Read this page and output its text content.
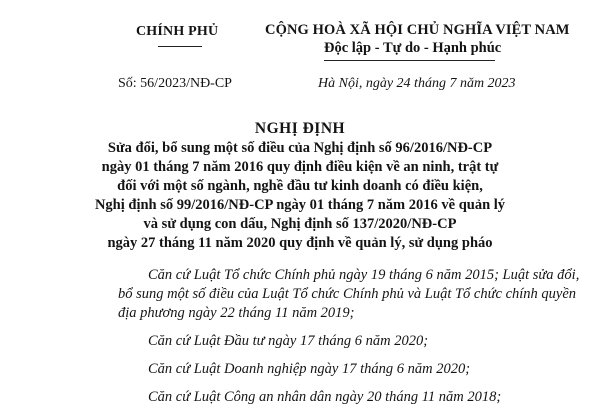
CHÍNH PHỦ	CỘNG HOÀ XÃ HỘI CHỦ NGHĨA VIỆT NAM
Độc lập - Tự do - Hạnh phúc
Số: 56/2023/NĐ-CP	Hà Nội, ngày 24 tháng 7 năm 2023
NGHỊ ĐỊNH
Sửa đổi, bổ sung một số điều của Nghị định số 96/2016/NĐ-CP
ngày 01 tháng 7 năm 2016 quy định điều kiện về an ninh, trật tự
đối với một số ngành, nghề đầu tư kinh doanh có điều kiện,
Nghị định số 99/2016/NĐ-CP ngày 01 tháng 7 năm 2016 về quản lý
và sử dụng con dấu, Nghị định số 137/2020/NĐ-CP
ngày 27 tháng 11 năm 2020 quy định về quản lý, sử dụng pháo
Căn cứ Luật Tổ chức Chính phủ ngày 19 tháng 6 năm 2015; Luật sửa đổi,
bổ sung một số điều của Luật Tổ chức Chính phủ và Luật Tổ chức chính quyền
địa phương ngày 22 tháng 11 năm 2019;
Căn cứ Luật Đầu tư ngày 17 tháng 6 năm 2020;
Căn cứ Luật Doanh nghiệp ngày 17 tháng 6 năm 2020;
Căn cứ Luật Công an nhân dân ngày 20 tháng 11 năm 2018;
